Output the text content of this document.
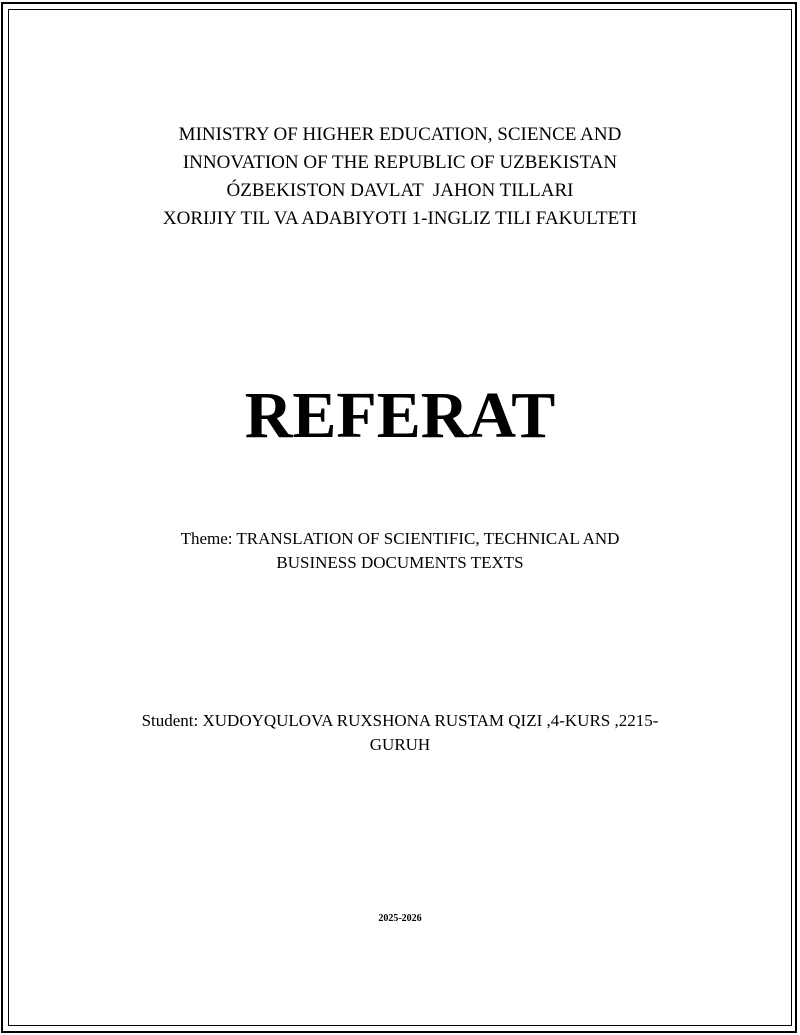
MINISTRY OF HIGHER EDUCATION, SCIENCE AND
INNOVATION OF THE REPUBLIC OF UZBEKISTAN
ÓZBEKISTON DAVLAT  JAHON TILLARI
XORIJIY TIL VA ADABIYOTI 1-INGLIZ TILI FAKULTETI
REFERAT
Theme: TRANSLATION OF SCIENTIFIC, TECHNICAL AND
BUSINESS DOCUMENTS TEXTS
Student: XUDOYQULOVA RUXSHONA RUSTAM QIZI ,4-KURS ,2215-
GURUH
2025-2026
